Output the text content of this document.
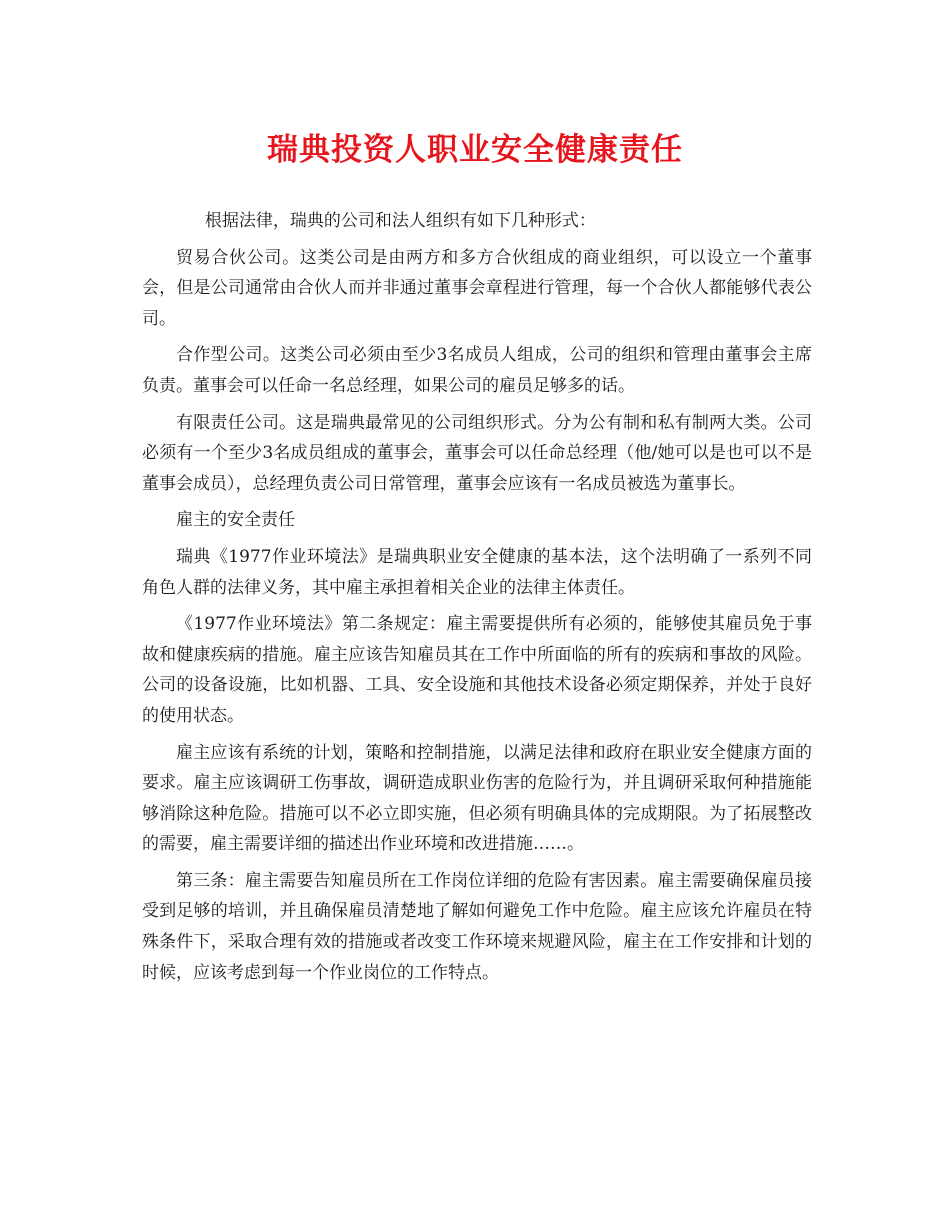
瑞典投资人职业安全健康责任

根据法律，瑞典的公司和法人组织有如下几种形式：

贸易合伙公司。这类公司是由两方和多方合伙组成的商业组织，可以设立一个董事会，但是公司通常由合伙人而并非通过董事会章程进行管理，每一个合伙人都能够代表公司。

合作型公司。这类公司必须由至少3名成员人组成，公司的组织和管理由董事会主席负责。董事会可以任命一名总经理，如果公司的雇员足够多的话。

有限责任公司。这是瑞典最常见的公司组织形式。分为公有制和私有制两大类。公司必须有一个至少3名成员组成的董事会，董事会可以任命总经理（他/她可以是也可以不是董事会成员），总经理负责公司日常管理，董事会应该有一名成员被选为董事长。

雇主的安全责任

瑞典《1977作业环境法》是瑞典职业安全健康的基本法，这个法明确了一系列不同角色人群的法律义务，其中雇主承担着相关企业的法律主体责任。

《1977作业环境法》第二条规定：雇主需要提供所有必须的，能够使其雇员免于事故和健康疾病的措施。雇主应该告知雇员其在工作中所面临的所有的疾病和事故的风险。公司的设备设施，比如机器、工具、安全设施和其他技术设备必须定期保养，并处于良好的使用状态。

雇主应该有系统的计划，策略和控制措施，以满足法律和政府在职业安全健康方面的要求。雇主应该调研工伤事故，调研造成职业伤害的危险行为，并且调研采取何种措施能够消除这种危险。措施可以不必立即实施，但必须有明确具体的完成期限。为了拓展整改的需要，雇主需要详细的描述出作业环境和改进措施……。

第三条：雇主需要告知雇员所在工作岗位详细的危险有害因素。雇主需要确保雇员接受到足够的培训，并且确保雇员清楚地了解如何避免工作中危险。雇主应该允许雇员在特殊条件下，采取合理有效的措施或者改变工作环境来规避风险，雇主在工作安排和计划的时候，应该考虑到每一个作业岗位的工作特点。
